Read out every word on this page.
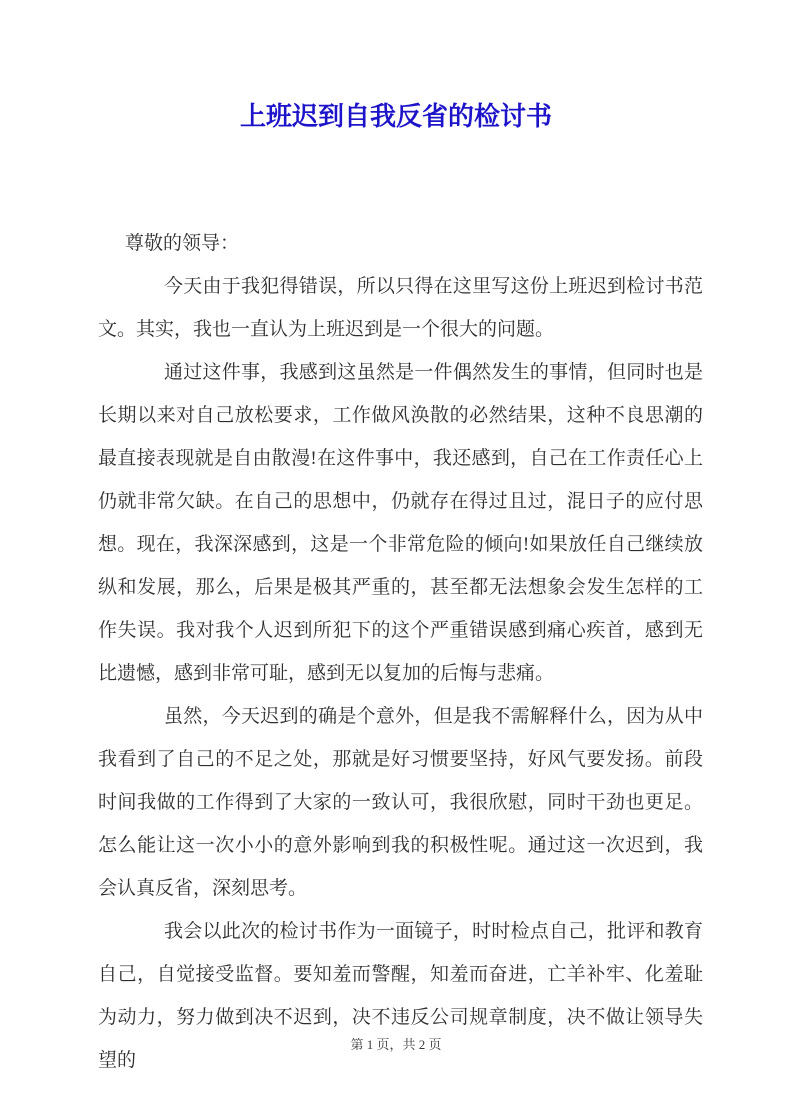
上班迟到自我反省的检讨书

尊敬的领导：

今天由于我犯得错误，所以只得在这里写这份上班迟到检讨书范文。其实，我也一直认为上班迟到是一个很大的问题。

通过这件事，我感到这虽然是一件偶然发生的事情，但同时也是长期以来对自己放松要求，工作做风涣散的必然结果，这种不良思潮的最直接表现就是自由散漫!在这件事中，我还感到，自己在工作责任心上仍就非常欠缺。在自己的思想中，仍就存在得过且过，混日子的应付思想。现在，我深深感到，这是一个非常危险的倾向!如果放任自己继续放纵和发展，那么，后果是极其严重的，甚至都无法想象会发生怎样的工作失误。我对我个人迟到所犯下的这个严重错误感到痛心疾首，感到无比遗憾，感到非常可耻，感到无以复加的后悔与悲痛。

虽然，今天迟到的确是个意外，但是我不需解释什么，因为从中我看到了自己的不足之处，那就是好习惯要坚持，好风气要发扬。前段时间我做的工作得到了大家的一致认可，我很欣慰，同时干劲也更足。怎么能让这一次小小的意外影响到我的积极性呢。通过这一次迟到，我会认真反省，深刻思考。

我会以此次的检讨书作为一面镜子，时时检点自己，批评和教育自己，自觉接受监督。要知羞而警醒，知羞而奋进，亡羊补牢、化羞耻为动力，努力做到决不迟到，决不违反公司规章制度，决不做让领导失望的

第 1 页，共 2 页
